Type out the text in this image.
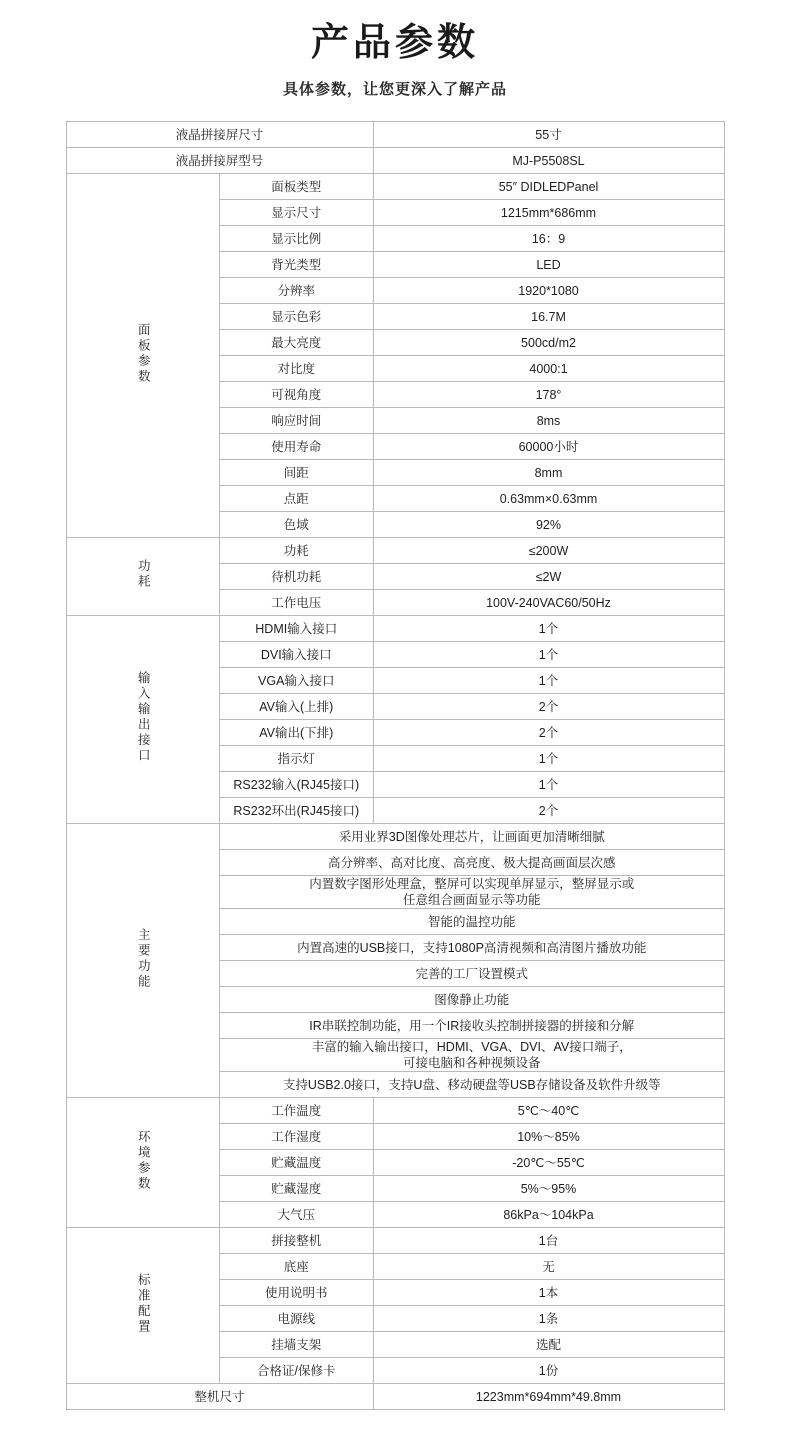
产品参数
具体参数，让您更深入了解产品
液晶拼接屏尺寸		55寸
液晶拼接屏型号		MJ-P5508SL
面板参数	面板类型	55″ DIDLEDPanel
	显示尺寸	1215mm*686mm
	显示比例	16：9
	背光类型	LED
	分辨率	1920*1080
	显示色彩	16.7M
	最大亮度	500cd/m2
	对比度	4000:1
	可视角度	178°
	响应时间	8ms
	使用寿命	60000小时
	间距	8mm
	点距	0.63mm×0.63mm
	色域	92%
功耗	功耗	≤200W
	待机功耗	≤2W
	工作电压	100V-240VAC60/50Hz
输入输出接口	HDMI输入接口	1个
	DVI输入接口	1个
	VGA输入接口	1个
	AV输入(上排)	2个
	AV输出(下排)	2个
	指示灯	1个
	RS232输入(RJ45接口)	1个
	RS232环出(RJ45接口)	2个
主要功能	采用业界3D图像处理芯片，让画面更加清晰细腻	
	高分辨率、高对比度、高亮度、极大提高画面层次感	
	内置数字图形处理盒，整屏可以实现单屏显示，整屏显示或
任意组合画面显示等功能	
	智能的温控功能	
	内置高速的USB接口，支持1080P高清视频和高清图片播放功能	
	完善的工厂设置模式	
	图像静止功能	
	IR串联控制功能，用一个IR接收头控制拼接器的拼接和分解	
	丰富的输入输出接口，HDMI、VGA、DVI、AV接口端子，
可接电脑和各种视频设备	
	支持USB2.0接口，支持U盘、移动硬盘等USB存储设备及软件升级等	
环境参数	工作温度	5℃～40℃
	工作湿度	10%～85%
	贮藏温度	-20℃～55℃
	贮藏湿度	5%～95%
	大气压	86kPa～104kPa
标准配置	拼接整机	1台
	底座	无
	使用说明书	1本
	电源线	1条
	挂墙支架	选配
	合格证/保修卡	1份
整机尺寸		1223mm*694mm*49.8mm
